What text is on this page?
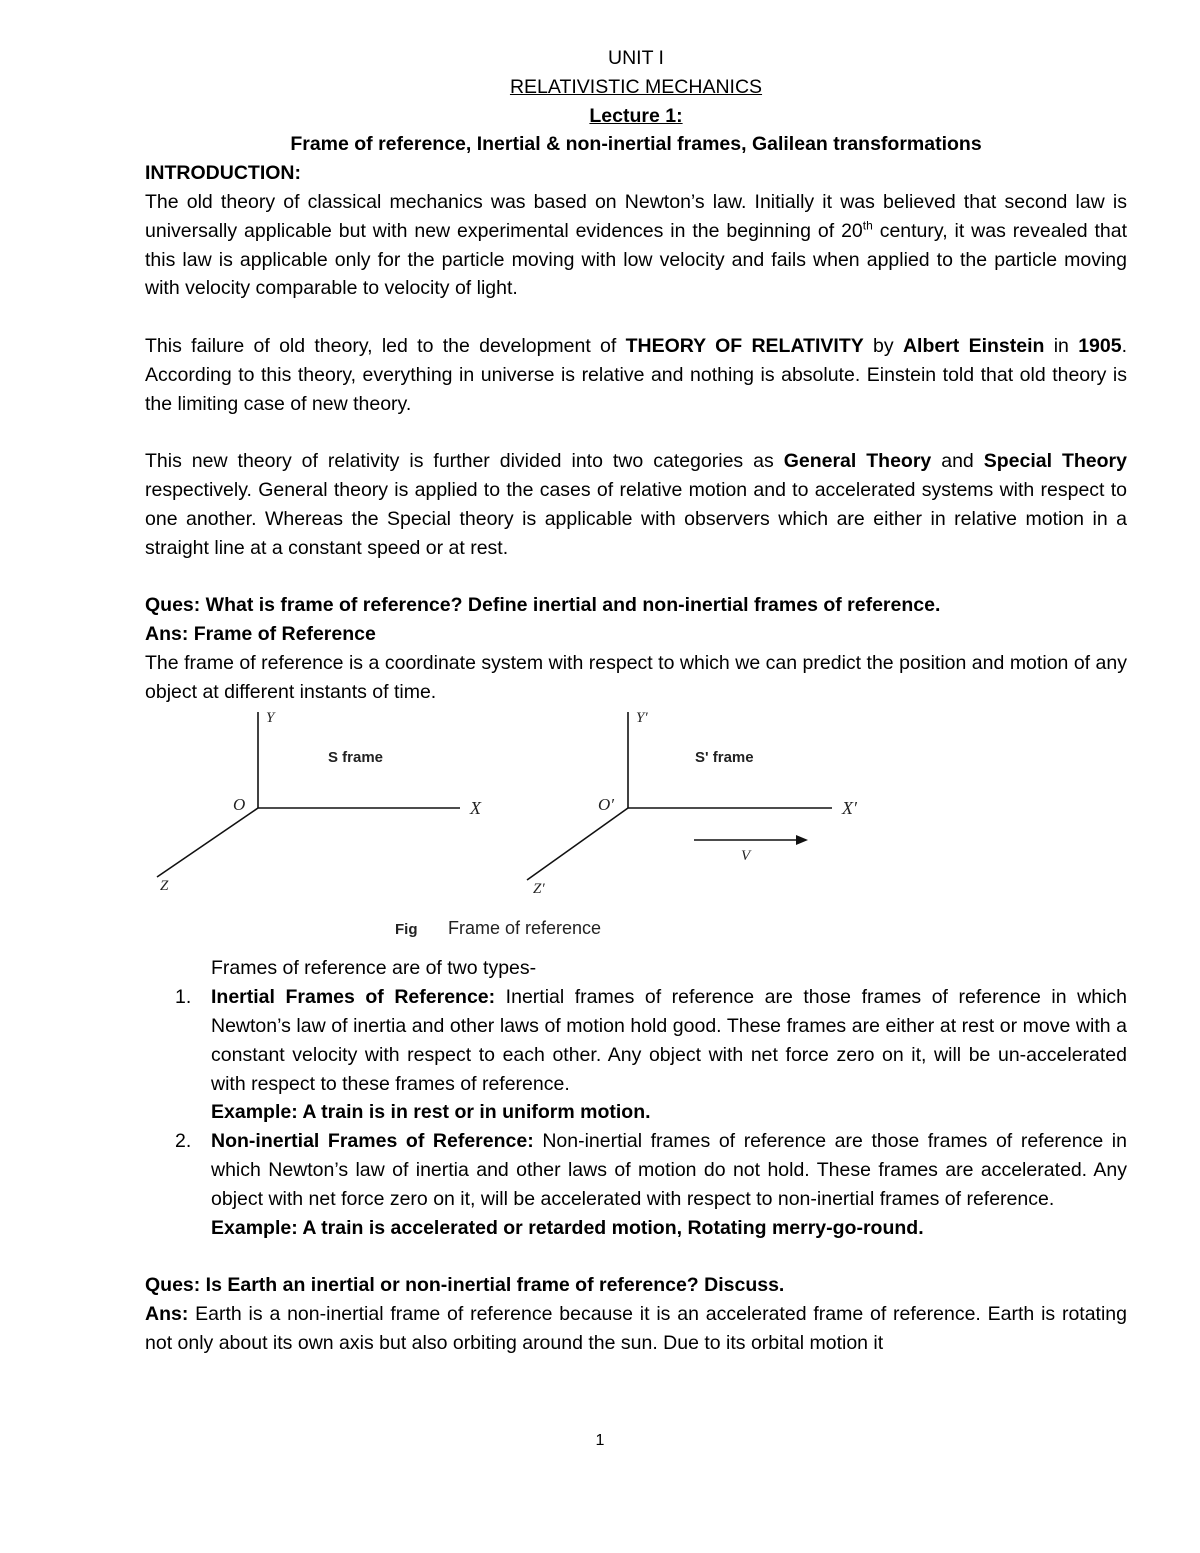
UNIT I

RELATIVISTIC MECHANICS

Lecture 1:

Frame of reference, Inertial & non-inertial frames, Galilean transformations

INTRODUCTION:

The old theory of classical mechanics was based on Newton’s law. Initially it was believed that second law is universally applicable but with new experimental evidences in the beginning of 20th century, it was revealed that this law is applicable only for the particle moving with low velocity and fails when applied to the particle moving with velocity comparable to velocity of light.

This failure of old theory, led to the development of THEORY OF RELATIVITY by Albert Einstein in 1905. According to this theory, everything in universe is relative and nothing is absolute. Einstein told that old theory is the limiting case of new theory.

This new theory of relativity is further divided into two categories as General Theory and Special Theory respectively. General theory is applied to the cases of relative motion and to accelerated systems with respect to one another. Whereas the Special theory is applicable with observers which are either in relative motion in a straight line at a constant speed or at rest.

Ques: What is frame of reference? Define inertial and non-inertial frames of reference.

Ans: Frame of Reference

The frame of reference is a coordinate system with respect to which we can predict the position and motion of any object at different instants of time.

Y
X
Z
O
Y′
X′
Z′
O′
V
S frame	S' frame
Fig Frame of reference

Frames of reference are of two types-

1. Inertial Frames of Reference: Inertial frames of reference are those frames of reference in which Newton’s law of inertia and other laws of motion hold good. These frames are either at rest or move with a constant velocity with respect to each other. Any object with net force zero on it, will be un-accelerated with respect to these frames of reference.
Example: A train is in rest or in uniform motion.
2. Non-inertial Frames of Reference: Non-inertial frames of reference are those frames of reference in which Newton’s law of inertia and other laws of motion do not hold. These frames are accelerated. Any object with net force zero on it, will be accelerated with respect to non-inertial frames of reference.
Example: A train is accelerated or retarded motion, Rotating merry-go-round.

Ques: Is Earth an inertial or non-inertial frame of reference? Discuss.

Ans: Earth is a non-inertial frame of reference because it is an accelerated frame of reference. Earth is rotating not only about its own axis but also orbiting around the sun. Due to its orbital motion it

1
